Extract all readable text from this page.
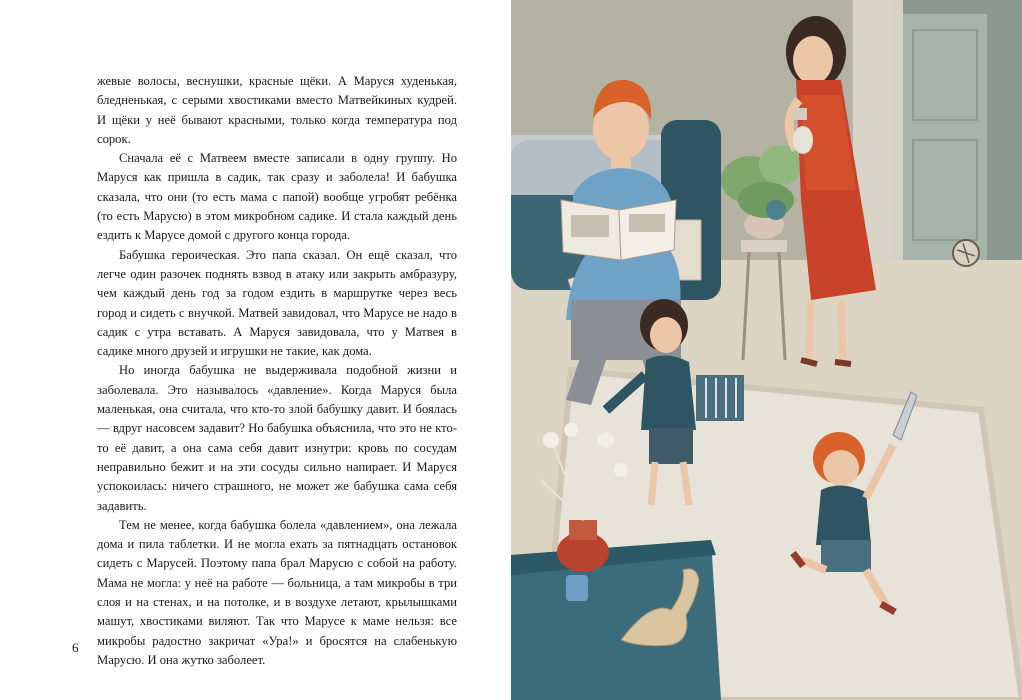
жевые волосы, веснушки, красные щёки. А Маруся худенькая, бледненькая, с серыми хвостиками вместо Матвейкиных кудрей. И щёки у неё бывают красными, только когда температура под сорок.

Сначала её с Матвеем вместе записали в одну группу. Но Маруся как пришла в садик, так сразу и заболела! И бабушка сказала, что они (то есть мама с папой) вообще угробят ребёнка (то есть Марусю) в этом микробном садике. И стала каждый день ездить к Марусе домой с другого конца города.

Бабушка героическая. Это папа сказал. Он ещё сказал, что легче один разочек поднять взвод в атаку или закрыть амбразуру, чем каждый день год за годом ездить в маршрутке через весь город и сидеть с внучкой. Матвей завидовал, что Марусе не надо в садик с утра вставать. А Маруся завидовала, что у Матвея в садике много друзей и игрушки не такие, как дома.

Но иногда бабушка не выдерживала подобной жизни и заболевала. Это называлось «давление». Когда Маруся была маленькая, она считала, что кто-то злой бабушку давит. И боялась — вдруг насовсем задавит? Но бабушка объяснила, что это не кто-то её давит, а она сама себя давит изнутри: кровь по сосудам неправильно бежит и на эти сосуды сильно напирает. И Маруся успокоилась: ничего страшного, не может же бабушка сама себя задавить.

Тем не менее, когда бабушка болела «давлением», она лежала дома и пила таблетки. И не могла ехать за пятнадцать остановок сидеть с Марусей. Поэтому папа брал Марусю с собой на работу. Мама не могла: у неё на работе — больница, а там микробы в три слоя и на стенах, и на потолке, и в воздухе летают, крылышками машут, хвостиками виляют. Так что Марусе к маме нельзя: все микробы радостно закричат «Ура!» и бросятся на слабенькую Марусю. И она жутко заболеет.

6
